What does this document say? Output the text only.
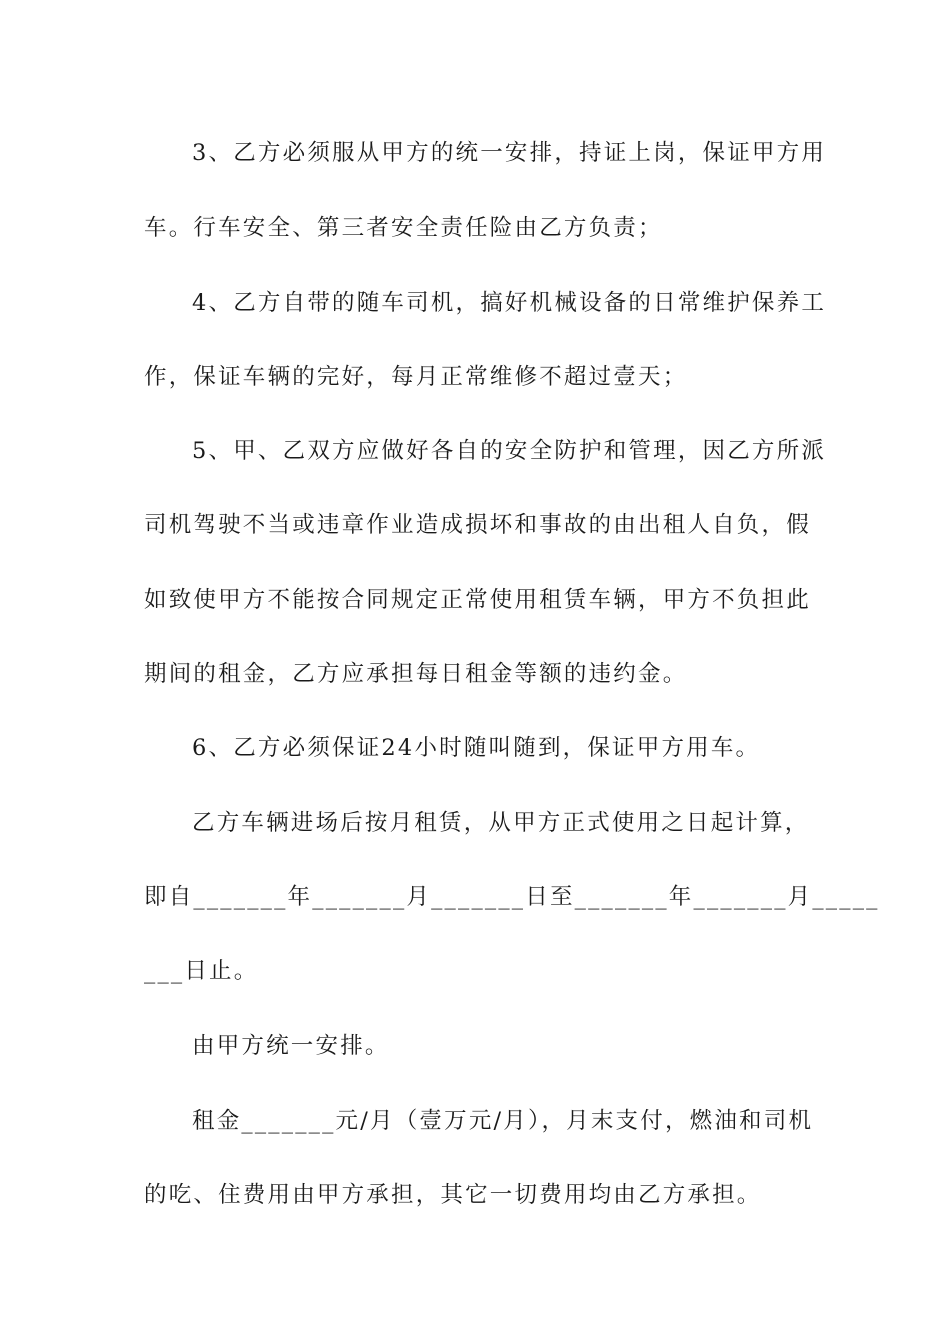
3、乙方必须服从甲方的统一安排，持证上岗，保证甲方用
车。行车安全、第三者安全责任险由乙方负责；
4、乙方自带的随车司机，搞好机械设备的日常维护保养工
作，保证车辆的完好，每月正常维修不超过壹天；
5、甲、乙双方应做好各自的安全防护和管理，因乙方所派
司机驾驶不当或违章作业造成损坏和事故的由出租人自负，假
如致使甲方不能按合同规定正常使用租赁车辆，甲方不负担此
期间的租金，乙方应承担每日租金等额的违约金。
6、乙方必须保证24小时随叫随到，保证甲方用车。
乙方车辆进场后按月租赁，从甲方正式使用之日起计算，
即自_______年_______月_______日至_______年_______月_____
___日止。
由甲方统一安排。
租金_______元/月（壹万元/月），月末支付，燃油和司机
的吃、住费用由甲方承担，其它一切费用均由乙方承担。
